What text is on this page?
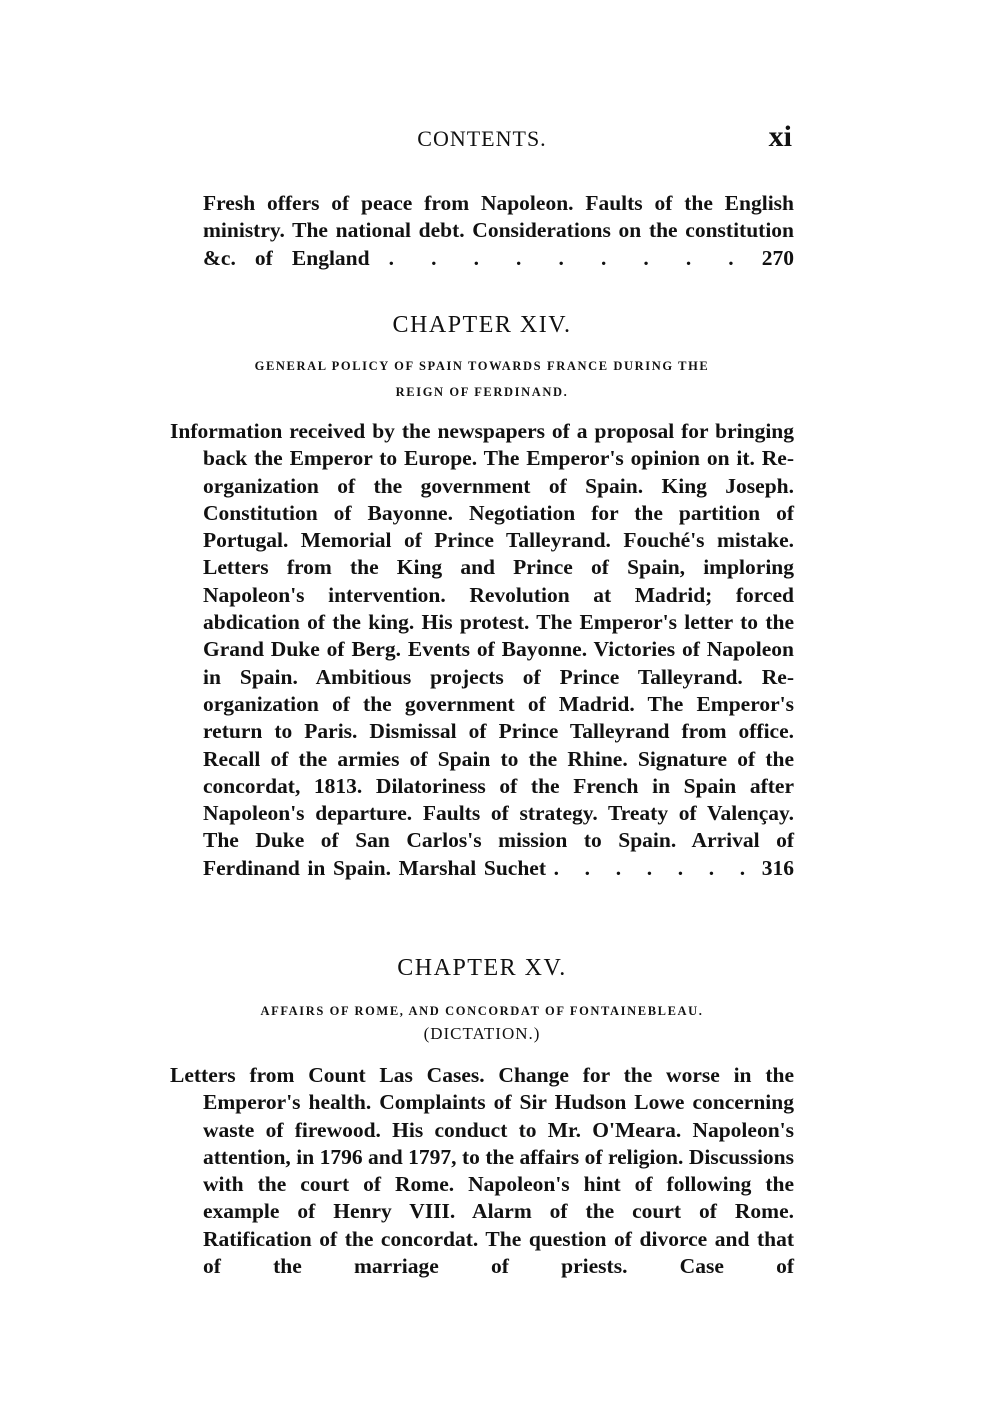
CONTENTS.	xi

Fresh offers of peace from Napoleon. Faults of the English ministry. The national debt. Considerations on the constitution &c. of England . . . . . . . . . 270

CHAPTER XIV.

GENERAL POLICY OF SPAIN TOWARDS FRANCE DURING THE

REIGN OF FERDINAND.

Information received by the newspapers of a proposal for bringing back the Emperor to Europe. The Emperor's opinion on it. Re-organization of the government of Spain. King Joseph. Constitution of Bayonne. Negotiation for the partition of Portugal. Memorial of Prince Talleyrand. Fouché's mistake. Letters from the King and Prince of Spain, imploring Napoleon's intervention. Revolution at Madrid; forced abdication of the king. His protest. The Emperor's letter to the Grand Duke of Berg. Events of Bayonne. Victories of Napoleon in Spain. Ambitious projects of Prince Talleyrand. Re-organization of the government of Madrid. The Emperor's return to Paris. Dismissal of Prince Talleyrand from office. Recall of the armies of Spain to the Rhine. Signature of the concordat, 1813. Dilatoriness of the French in Spain after Napoleon's departure. Faults of strategy. Treaty of Valençay. The Duke of San Carlos's mission to Spain. Arrival of Ferdinand in Spain. Marshal Suchet . . . . . . . 316

CHAPTER XV.

AFFAIRS OF ROME, AND CONCORDAT OF FONTAINEBLEAU.

(DICTATION.)

Letters from Count Las Cases. Change for the worse in the Emperor's health. Complaints of Sir Hudson Lowe concerning waste of firewood. His conduct to Mr. O'Meara. Napoleon's attention, in 1796 and 1797, to the affairs of religion. Discussions with the court of Rome. Napoleon's hint of following the example of Henry VIII. Alarm of the court of Rome. Ratification of the concordat. The question of divorce and that of the marriage of priests. Case of
